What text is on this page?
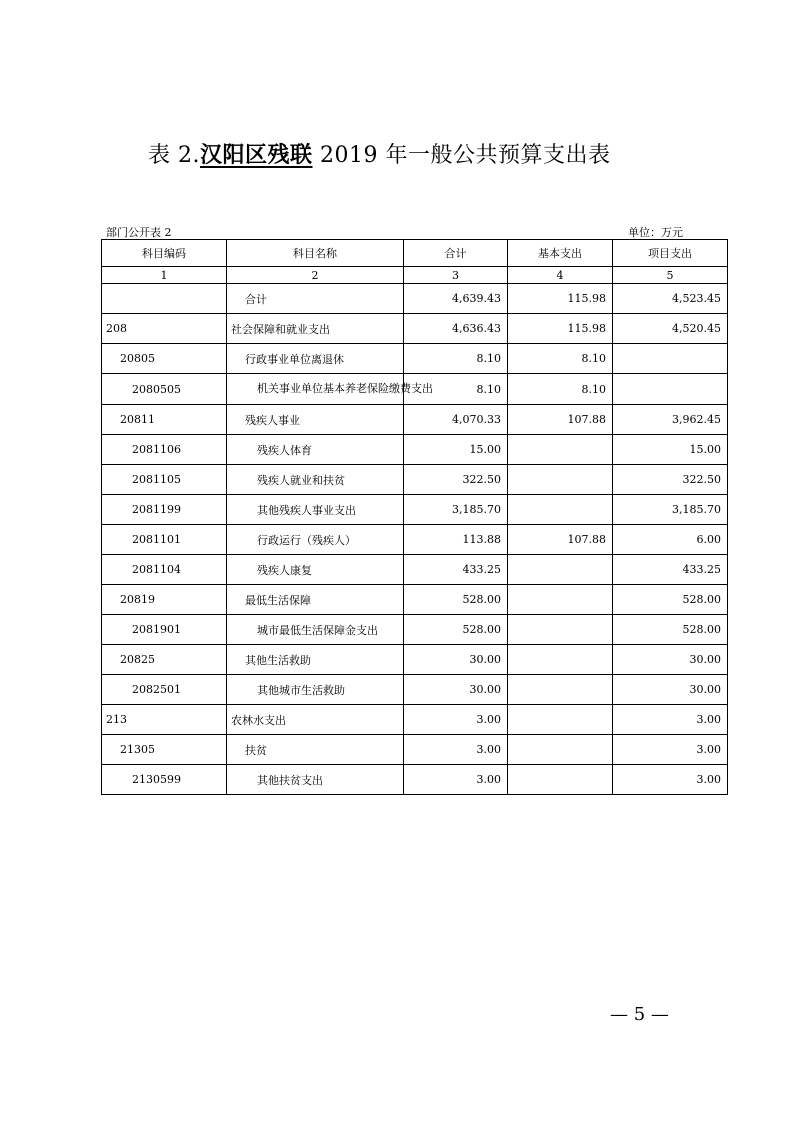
表 2.汉阳区残联 2019 年一般公共预算支出表
部门公开表 2	单位：万元
科目编码	科目名称	合计	基本支出	项目支出
1	2	3	4	5
	合计	4,639.43	115.98	4,523.45
208	社会保障和就业支出	4,636.43	115.98	4,520.45
20805	行政事业单位离退休	8.10	8.10	
2080505	机关事业单位基本养老保险缴费支出	8.10	8.10	
20811	残疾人事业	4,070.33	107.88	3,962.45
2081106	残疾人体育	15.00		15.00
2081105	残疾人就业和扶贫	322.50		322.50
2081199	其他残疾人事业支出	3,185.70		3,185.70
2081101	行政运行（残疾人）	113.88	107.88	6.00
2081104	残疾人康复	433.25		433.25
20819	最低生活保障	528.00		528.00
2081901	城市最低生活保障金支出	528.00		528.00
20825	其他生活救助	30.00		30.00
2082501	其他城市生活救助	30.00		30.00
213	农林水支出	3.00		3.00
21305	扶贫	3.00		3.00
2130599	其他扶贫支出	3.00		3.00
— 5 —
